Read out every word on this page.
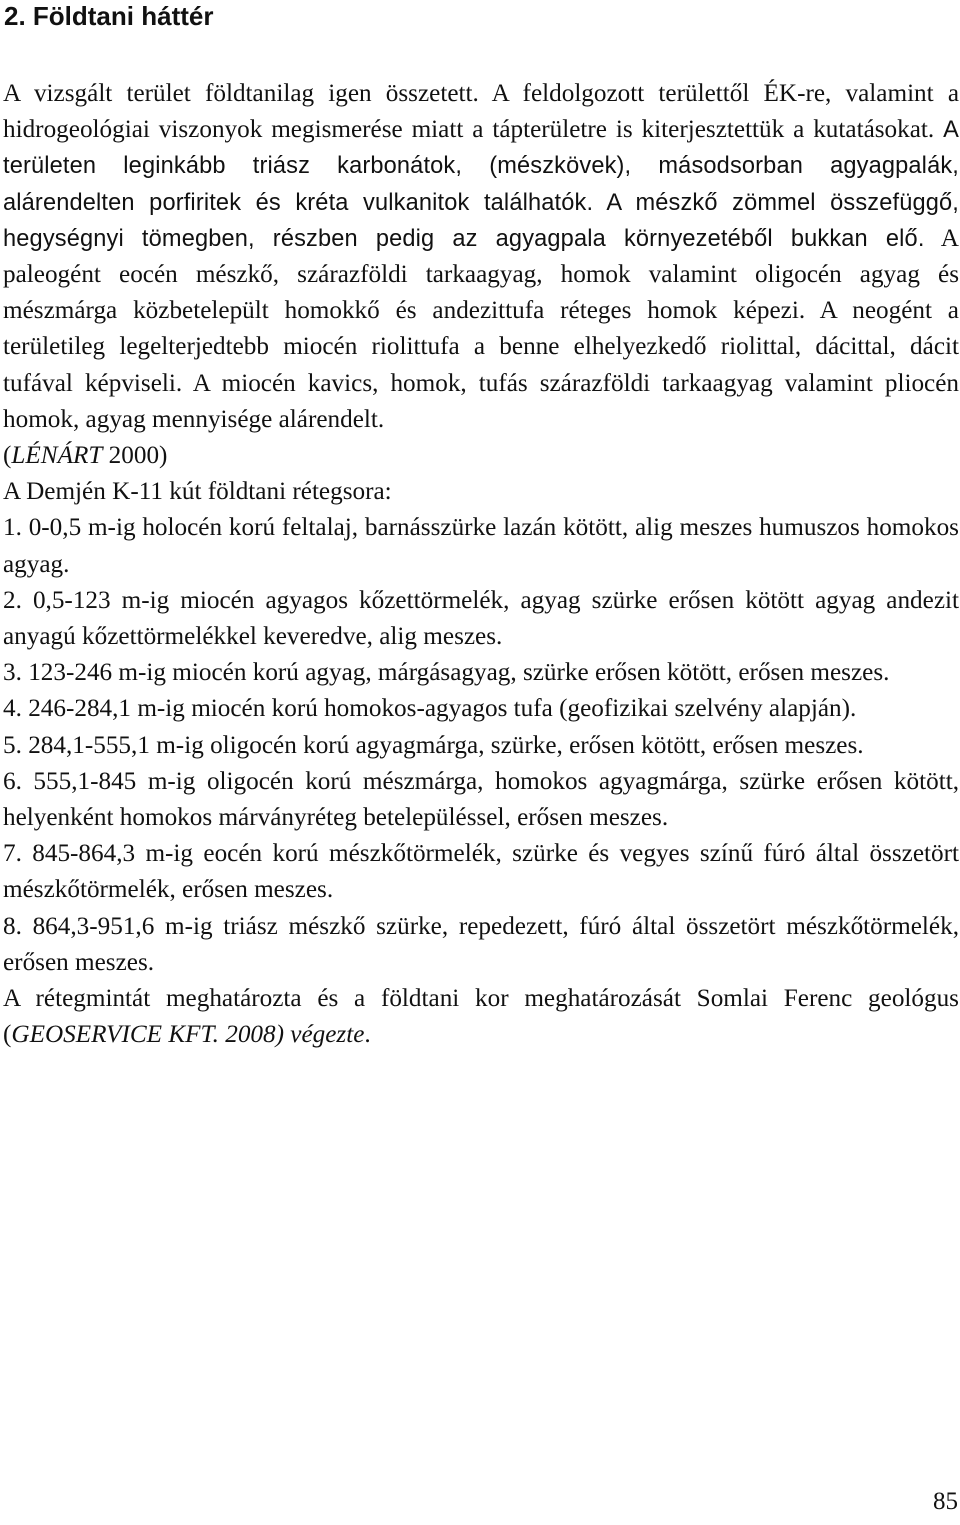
2. Földtani háttér

A vizsgált terület földtanilag igen összetett. A feldolgozott területtől ÉK-re, valamint a hidrogeológiai viszonyok megismerése miatt a tápterületre is kiterjesztettük a kutatásokat. A területen leginkább triász karbonátok, (mészkövek), másodsorban agyagpalák, alárendelten porfiritek és kréta vulkanitok találhatók. A mészkő zömmel összefüggő, hegységnyi tömegben, részben pedig az agyagpala környezetéből bukkan elő. A paleogént eocén mészkő, szárazföldi tarkaagyag, homok valamint oligocén agyag és mészmárga közbetelepült homokkő és andezittufa réteges homok képezi. A neogént a területileg legelterjedtebb miocén riolittufa a benne elhelyezkedő riolittal, dácittal, dácit tufával képviseli. A miocén kavics, homok, tufás szárazföldi tarkaagyag valamint pliocén homok, agyag mennyisége alárendelt.

(LÉNÁRT 2000)

A Demjén K-11 kút földtani rétegsora:

1. 0-0,5 m-ig holocén korú feltalaj, barnásszürke lazán kötött, alig meszes humuszos homokos agyag.

2. 0,5-123 m-ig miocén agyagos kőzettörmelék, agyag szürke erősen kötött agyag andezit anyagú kőzettörmelékkel keveredve, alig meszes.

3. 123-246 m-ig miocén korú agyag, márgásagyag, szürke erősen kötött, erősen meszes.

4. 246-284,1 m-ig miocén korú homokos-agyagos tufa (geofizikai szelvény alapján).

5. 284,1-555,1 m-ig oligocén korú agyagmárga, szürke, erősen kötött, erősen meszes.

6. 555,1-845 m-ig oligocén korú mészmárga, homokos agyagmárga, szürke erősen kötött, helyenként homokos márványréteg betelepüléssel, erősen meszes.

7. 845-864,3 m-ig eocén korú mészkőtörmelék, szürke és vegyes színű fúró által összetört mészkőtörmelék, erősen meszes.

8. 864,3-951,6 m-ig triász mészkő szürke, repedezett, fúró által összetört mészkőtörmelék, erősen meszes.

A rétegmintát meghatározta és a földtani kor meghatározását Somlai Ferenc geológus (GEOSERVICE KFT. 2008) végezte.

85
